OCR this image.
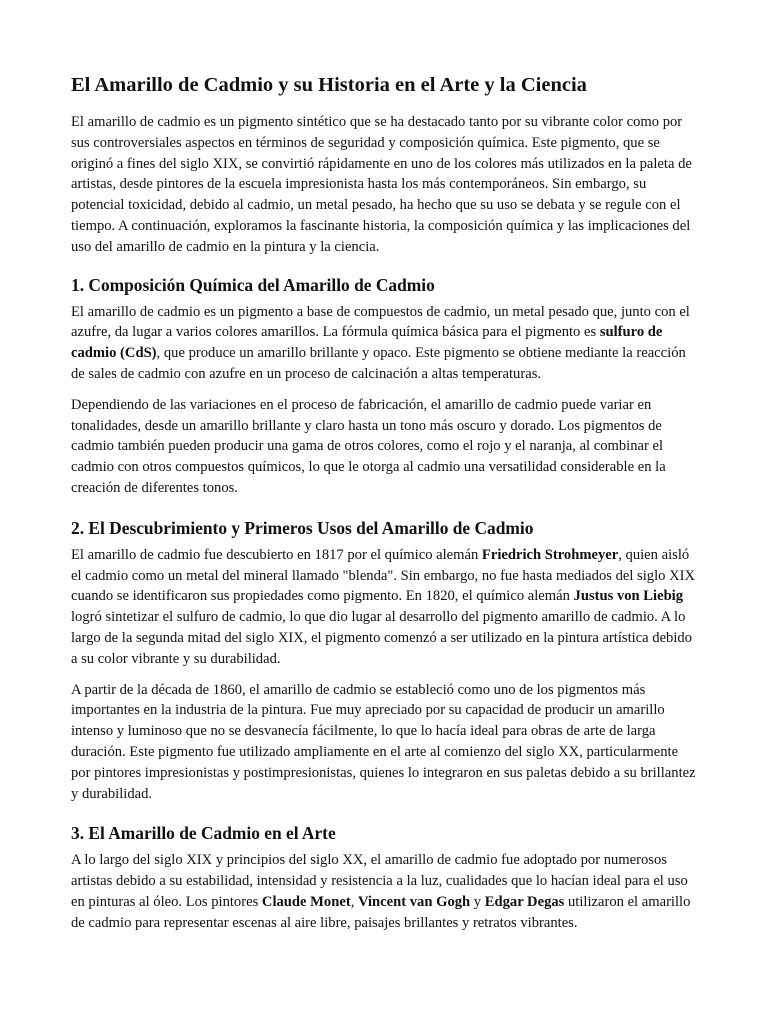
El Amarillo de Cadmio y su Historia en el Arte y la Ciencia

El amarillo de cadmio es un pigmento sintético que se ha destacado tanto por su vibrante color como por sus controversiales aspectos en términos de seguridad y composición química. Este pigmento, que se originó a fines del siglo XIX, se convirtió rápidamente en uno de los colores más utilizados en la paleta de artistas, desde pintores de la escuela impresionista hasta los más contemporáneos. Sin embargo, su potencial toxicidad, debido al cadmio, un metal pesado, ha hecho que su uso se debata y se regule con el tiempo. A continuación, exploramos la fascinante historia, la composición química y las implicaciones del uso del amarillo de cadmio en la pintura y la ciencia.

1. Composición Química del Amarillo de Cadmio

El amarillo de cadmio es un pigmento a base de compuestos de cadmio, un metal pesado que, junto con el azufre, da lugar a varios colores amarillos. La fórmula química básica para el pigmento es sulfuro de cadmio (CdS), que produce un amarillo brillante y opaco. Este pigmento se obtiene mediante la reacción de sales de cadmio con azufre en un proceso de calcinación a altas temperaturas.

Dependiendo de las variaciones en el proceso de fabricación, el amarillo de cadmio puede variar en tonalidades, desde un amarillo brillante y claro hasta un tono más oscuro y dorado. Los pigmentos de cadmio también pueden producir una gama de otros colores, como el rojo y el naranja, al combinar el cadmio con otros compuestos químicos, lo que le otorga al cadmio una versatilidad considerable en la creación de diferentes tonos.

2. El Descubrimiento y Primeros Usos del Amarillo de Cadmio

El amarillo de cadmio fue descubierto en 1817 por el químico alemán Friedrich Strohmeyer, quien aisló el cadmio como un metal del mineral llamado "blenda". Sin embargo, no fue hasta mediados del siglo XIX cuando se identificaron sus propiedades como pigmento. En 1820, el químico alemán Justus von Liebig logró sintetizar el sulfuro de cadmio, lo que dio lugar al desarrollo del pigmento amarillo de cadmio. A lo largo de la segunda mitad del siglo XIX, el pigmento comenzó a ser utilizado en la pintura artística debido a su color vibrante y su durabilidad.

A partir de la década de 1860, el amarillo de cadmio se estableció como uno de los pigmentos más importantes en la industria de la pintura. Fue muy apreciado por su capacidad de producir un amarillo intenso y luminoso que no se desvanecía fácilmente, lo que lo hacía ideal para obras de arte de larga duración. Este pigmento fue utilizado ampliamente en el arte al comienzo del siglo XX, particularmente por pintores impresionistas y postimpresionistas, quienes lo integraron en sus paletas debido a su brillantez y durabilidad.

3. El Amarillo de Cadmio en el Arte

A lo largo del siglo XIX y principios del siglo XX, el amarillo de cadmio fue adoptado por numerosos artistas debido a su estabilidad, intensidad y resistencia a la luz, cualidades que lo hacían ideal para el uso en pinturas al óleo. Los pintores Claude Monet, Vincent van Gogh y Edgar Degas utilizaron el amarillo de cadmio para representar escenas al aire libre, paisajes brillantes y retratos vibrantes.
